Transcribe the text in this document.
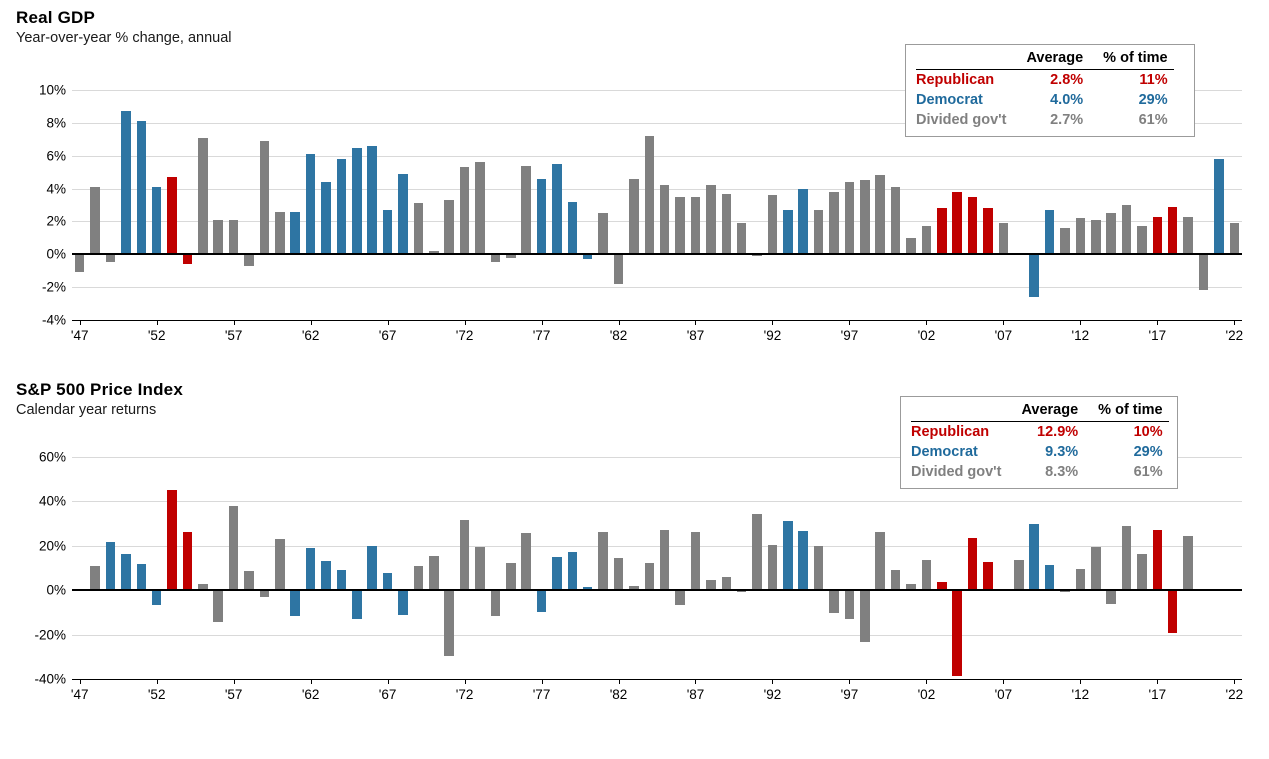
Real GDP
Year-over-year % change, annual
-4%
-2%
0%
2%
4%
6%
8%
10%
'47	'52	'57	'62	'67	'72	'77	'82	'87	'92	'97	'02	'07	'12	'17	'22
	Average	% of time
Republican	2.8%	11%
Democrat	4.0%	29%
Divided gov't	2.7%	61%
S&P 500 Price Index
Calendar year returns
-40%
-20%
0%
20%
40%
60%
'47	'52	'57	'62	'67	'72	'77	'82	'87	'92	'97	'02	'07	'12	'17	'22
	Average	% of time
Republican	12.9%	10%
Democrat	9.3%	29%
Divided gov't	8.3%	61%
